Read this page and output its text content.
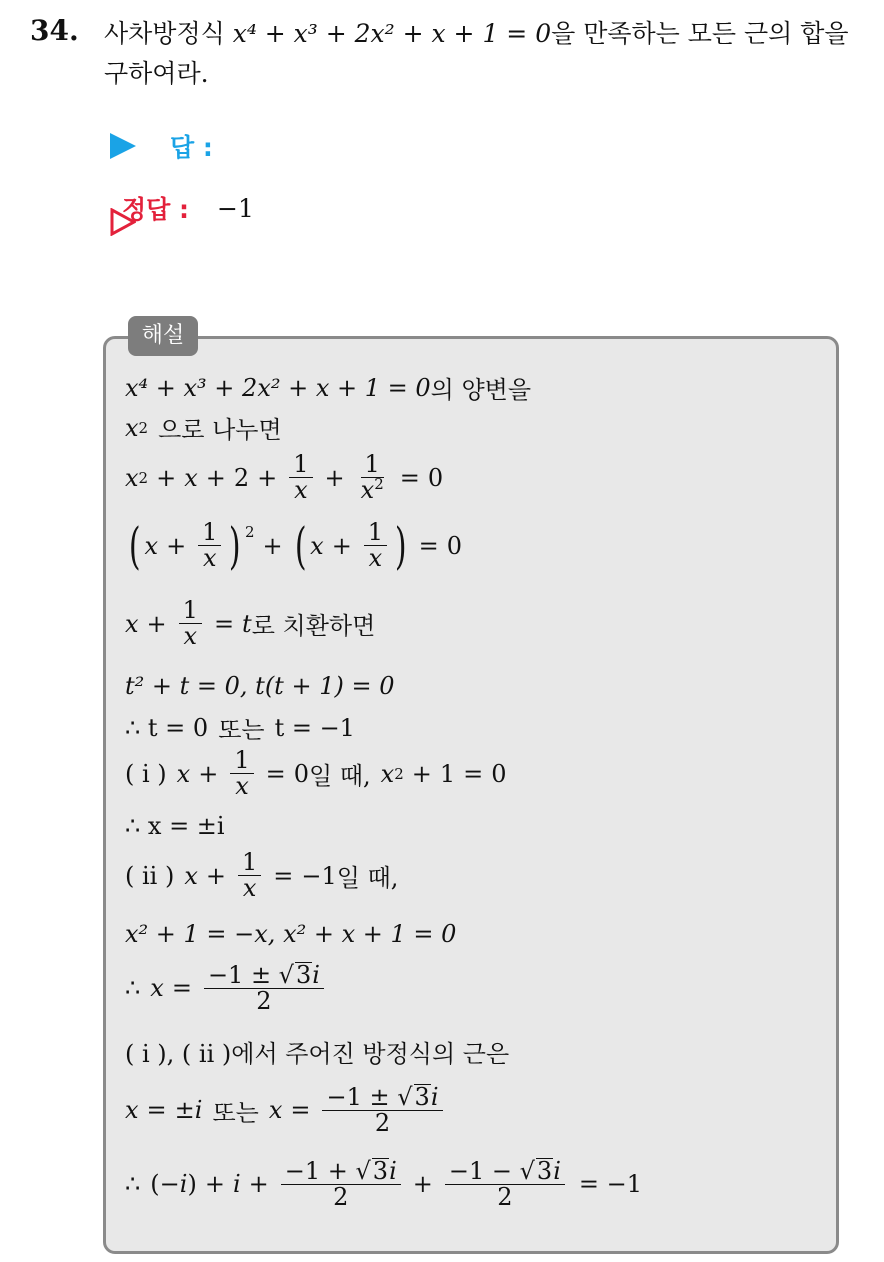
34. 사차방정식 x⁴ + x³ + 2x² + x + 1 = 0을 만족하는 모든 근의 합을 구하여라.
답 :
정답 : −1
해설
x⁴ + x³ + 2x² + x + 1 = 0 의 양변을
x 2 으로 나누면
x $2 + x + 2 + \frac{1}{x} + \frac{1}{x^2} = 0$
( $x + \frac{1}{x}$ ) $^2$ + ( $x + \frac{1}{x}$ ) = 0
$x + \frac{1}{x} = t$ 로 치환하면
t² + t = 0, t(t + 1) = 0
∴ t = 0 또는 t = −1
( i ) $x + \frac{1}{x} = 0$ 일 때, x 2 + 1 = 0
∴ x = ±i
( ii ) $x + \frac{1}{x} = -1$ 일 때,
x² + 1 = −x, x² + x + 1 = 0
∴ $x = \frac{-1 \pm √3i}{2}$
( i ), ( ii )에서 주어진 방정식의 근은
x = ± i 또는 $x = \frac{-1 \pm √3i}{2}$
∴ (− i ) + $i + \frac{-1 + √3i}{2} + \frac{-1 - √3i}{2} = -1$
